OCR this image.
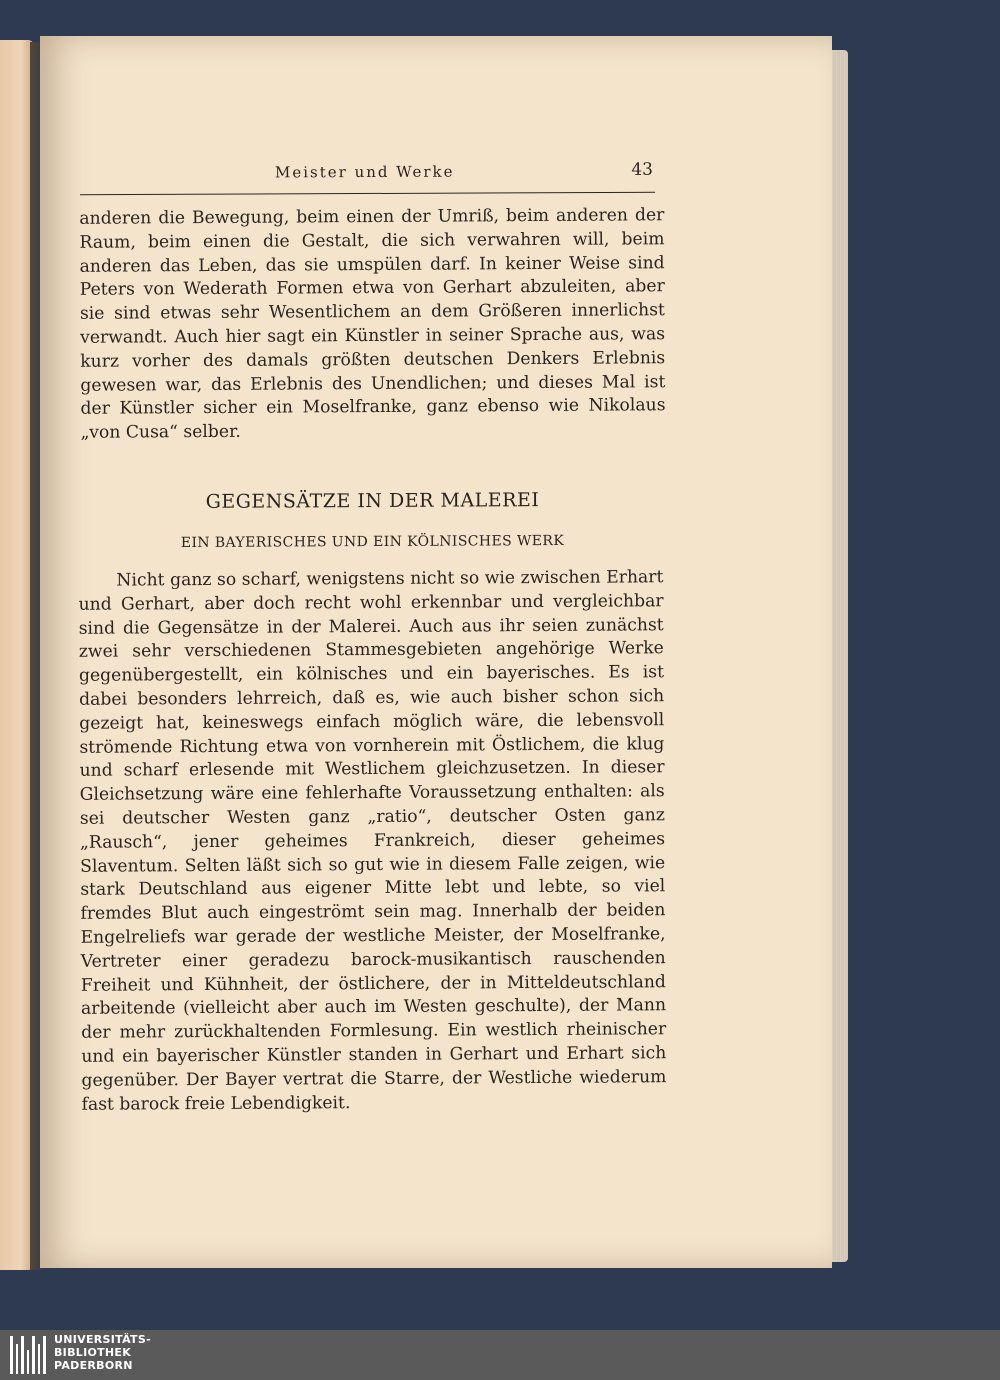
Meister und Werke	43
anderen die Bewegung, beim einen der Umriß, beim anderen der Raum, beim einen die Gestalt, die sich verwahren will, beim anderen das Leben, das sie umspülen darf. In keiner Weise sind Peters von Wederath Formen etwa von Gerhart abzuleiten, aber sie sind etwas sehr Wesentlichem an dem Größeren innerlichst verwandt. Auch hier sagt ein Künstler in seiner Sprache aus, was kurz vorher des damals größten deutschen Denkers Erlebnis gewesen war, das Erlebnis des Unendlichen; und dieses Mal ist der Künstler sicher ein Moselfranke, ganz ebenso wie Nikolaus „von Cusa“ selber.
GEGENSÄTZE IN DER MALEREI
EIN BAYERISCHES UND EIN KÖLNISCHES WERK
Nicht ganz so scharf, wenigstens nicht so wie zwischen Erhart und Gerhart, aber doch recht wohl erkennbar und vergleichbar sind die Gegensätze in der Malerei. Auch aus ihr seien zunächst zwei sehr verschiedenen Stammesgebieten angehörige Werke gegenübergestellt, ein kölnisches und ein bayerisches. Es ist dabei besonders lehrreich, daß es, wie auch bisher schon sich gezeigt hat, keineswegs einfach möglich wäre, die lebensvoll strömende Richtung etwa von vornherein mit Östlichem, die klug und scharf erlesende mit Westlichem gleichzusetzen. In dieser Gleichsetzung wäre eine fehlerhafte Voraussetzung enthalten: als sei deutscher Westen ganz „ratio“, deutscher Osten ganz „Rausch“, jener geheimes Frankreich, dieser geheimes Slaventum. Selten läßt sich so gut wie in diesem Falle zeigen, wie stark Deutschland aus eigener Mitte lebt und lebte, so viel fremdes Blut auch eingeströmt sein mag. Innerhalb der beiden Engelreliefs war gerade der westliche Meister, der Moselfranke, Vertreter einer geradezu barock-musikantisch rauschenden Freiheit und Kühnheit, der östlichere, der in Mitteldeutschland arbeitende (vielleicht aber auch im Westen geschulte), der Mann der mehr zurückhaltenden Formlesung. Ein westlich rheinischer und ein bayerischer Künstler standen in Gerhart und Erhart sich gegenüber. Der Bayer vertrat die Starre, der Westliche wiederum fast barock freie Lebendigkeit.
UNIVERSITÄTS-
BIBLIOTHEK
PADERBORN
